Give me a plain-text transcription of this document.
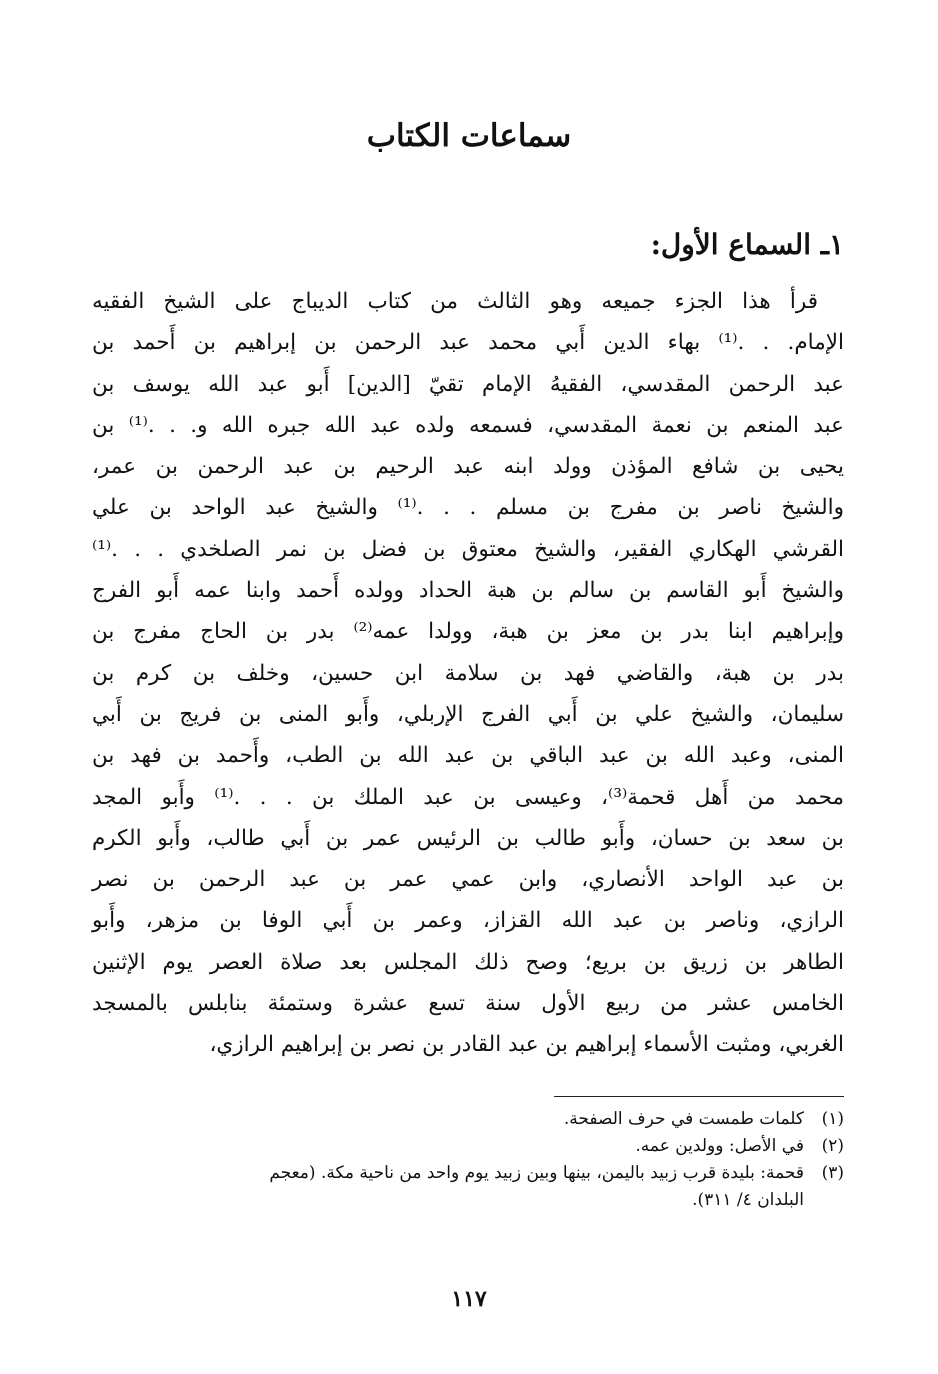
سماعات الكتاب
١ـ السماع الأول:
قرأ هذا الجزء جميعه وهو الثالث من كتاب الديباج على الشيخ الفقيه
الإمام. . .⁽¹⁾ بهاء الدين أَبي محمد عبد الرحمن بن إبراهيم بن أَحمد بن
عبد الرحمن المقدسي، الفقيهُ الإمام تقيّ [الدين] أَبو عبد الله يوسف بن
عبد المنعم بن نعمة المقدسي، فسمعه ولده عبد الله جبره الله و. . .⁽¹⁾ بن
يحيى بن شافع المؤذن وولد ابنه عبد الرحيم بن عبد الرحمن بن عمر،
والشيخ ناصر بن مفرج بن مسلم . . .⁽¹⁾ والشيخ عبد الواحد بن علي
القرشي الهكاري الفقير، والشيخ معتوق بن فضل بن نمر الصلخدي . . .⁽¹⁾
والشيخ أَبو القاسم بن سالم بن هبة الحداد وولده أَحمد وابنا عمه أَبو الفرج
وإبراهيم ابنا بدر بن معز بن هبة، وولدا عمه⁽²⁾ بدر بن الحاج مفرج بن
بدر بن هبة، والقاضي فهد بن سلامة ابن حسين، وخلف بن كرم بن
سليمان، والشيخ علي بن أَبي الفرج الإربلي، وأَبو المنى بن فريج بن أَبي
المنى، وعبد الله بن عبد الباقي بن عبد الله بن الطب، وأَحمد بن فهد بن
محمد من أَهل قحمة⁽³⁾، وعيسى بن عبد الملك بن . . .⁽¹⁾ وأَبو المجد
بن سعد بن حسان، وأَبو طالب بن الرئيس عمر بن أَبي طالب، وأَبو الكرم
بن عبد الواحد الأنصاري، وابن عمي عمر بن عبد الرحمن بن نصر
الرازي، وناصر بن عبد الله القزاز، وعمر بن أَبي الوفا بن مزهر، وأَبو
الطاهر بن زريق بن بريع؛ وصح ذلك المجلس بعد صلاة العصر يوم الإثنين
الخامس عشر من ربيع الأول سنة تسع عشرة وستمئة بنابلس بالمسجد
الغربي، ومثبت الأسماء إبراهيم بن عبد القادر بن نصر بن إبراهيم الرازي،
(١)
كلمات طمست في حرف الصفحة.
(٢)
في الأصل: وولدين عمه.
(٣)
قحمة: بليدة قرب زبيد باليمن، بينها وبين زبيد يوم واحد من ناحية مكة. (معجم
البلدان ٤/ ٣١١).
١١٧
